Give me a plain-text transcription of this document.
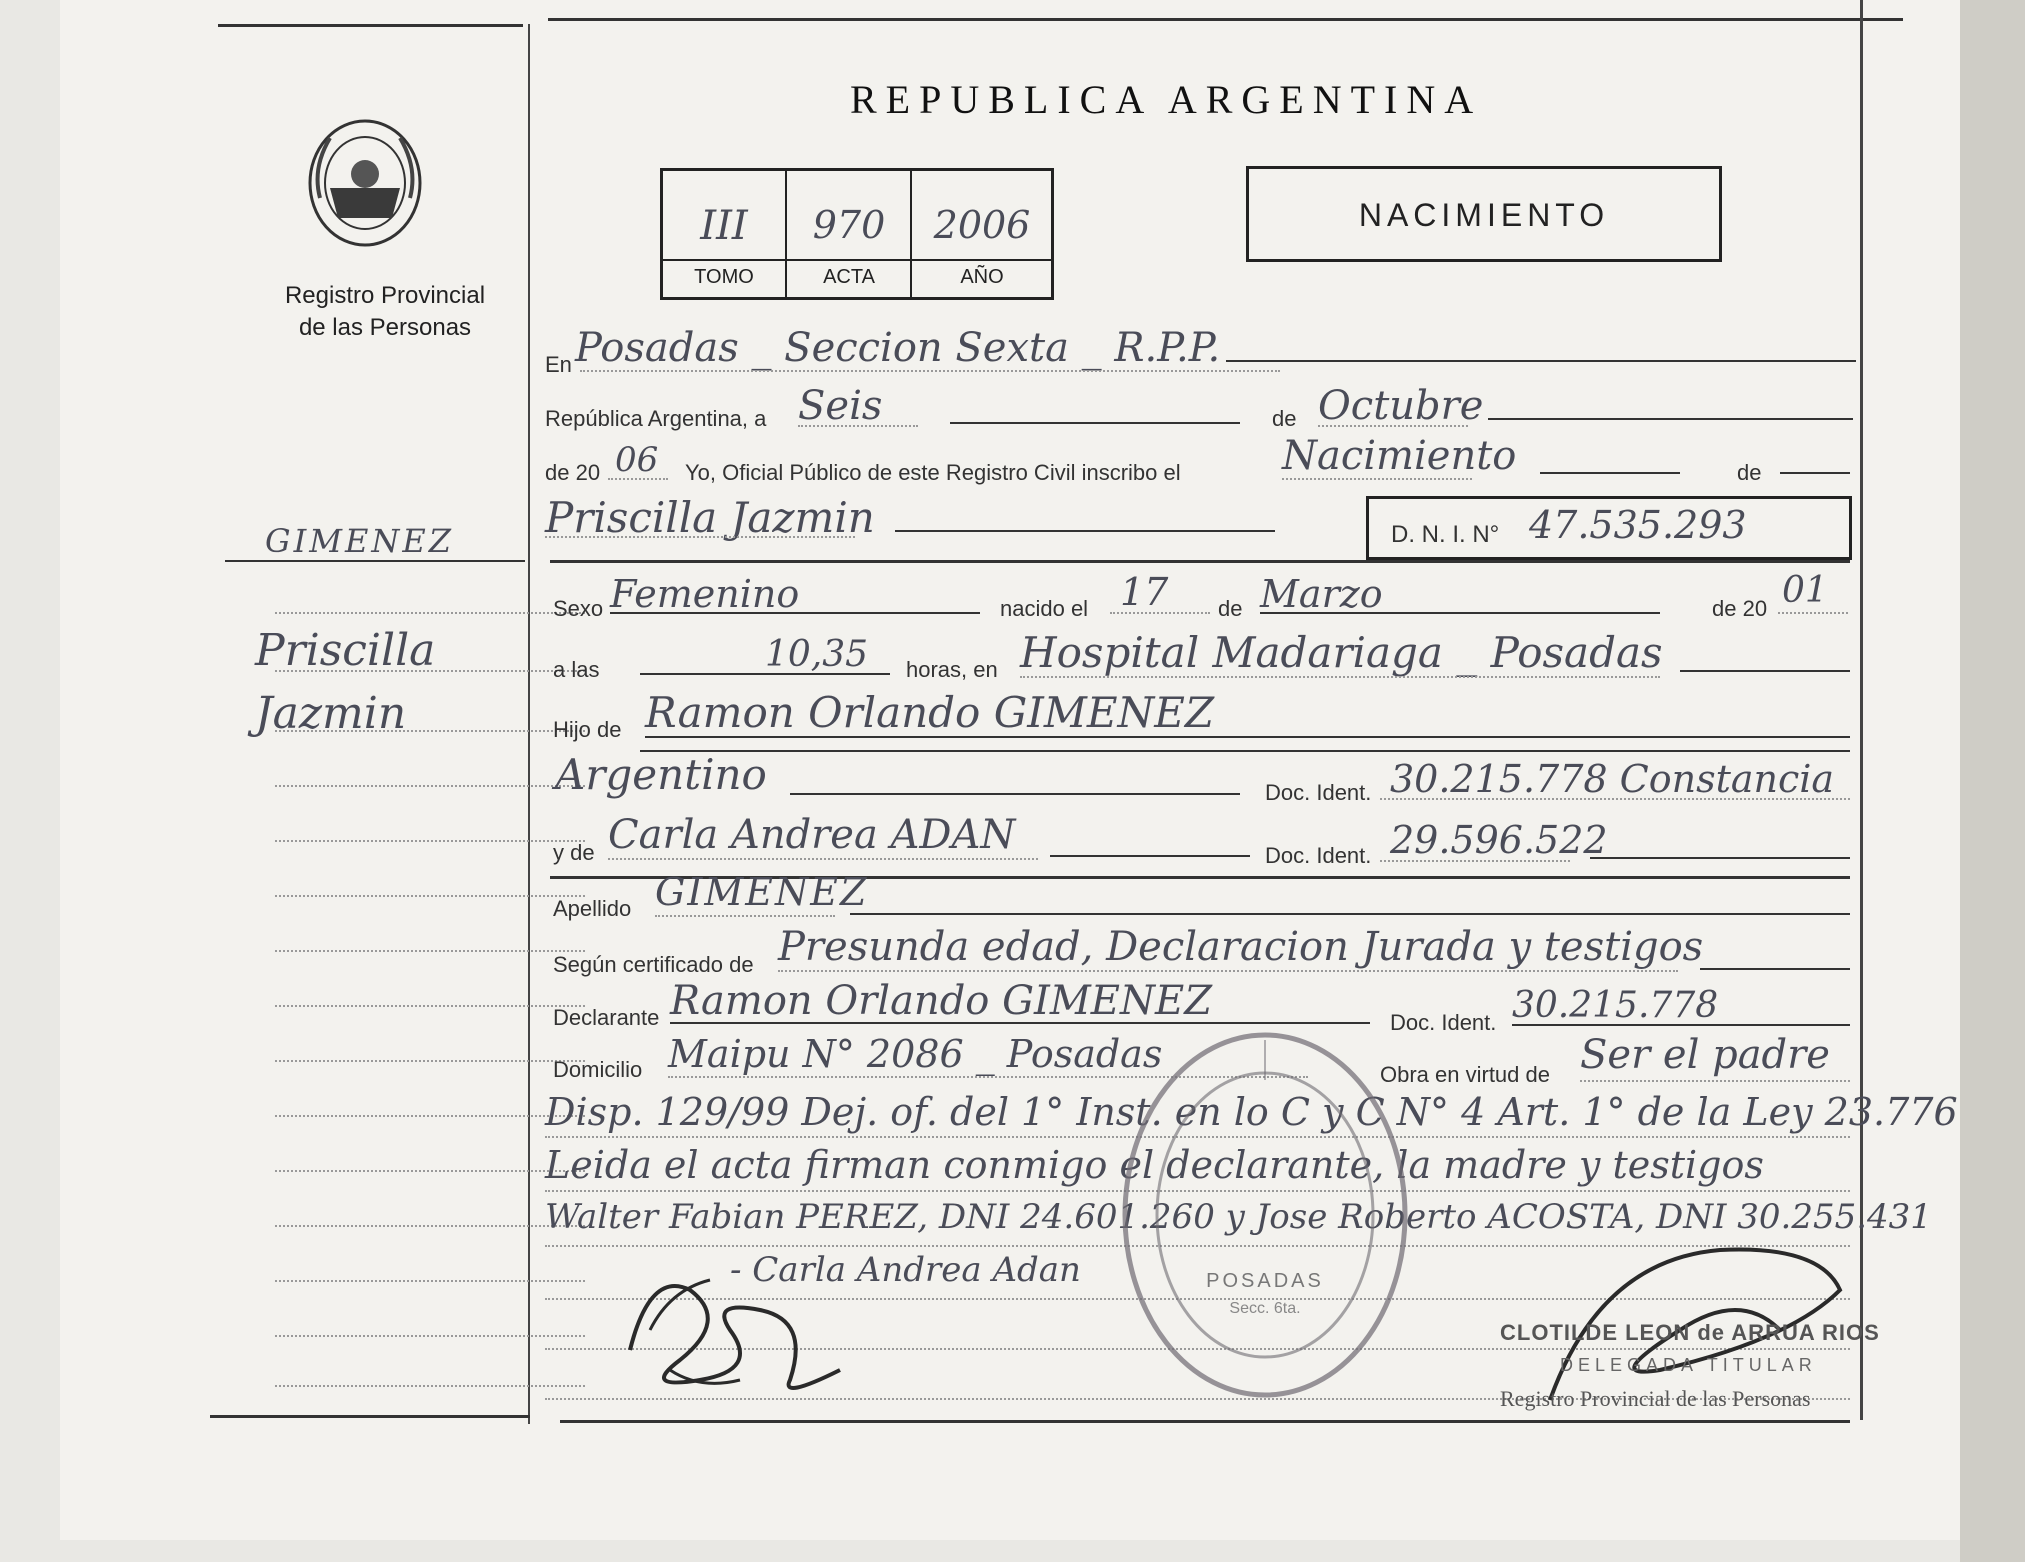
Registro Provincial
de las Personas
REPUBLICA ARGENTINA
III	970	2006
TOMO	ACTA	AÑO
NACIMIENTO
GIMENEZ
Priscilla
Jazmin
En Posadas _ Seccion Sexta _ R.P.P.
República Argentina, a Seis	de Octubre
de 20 06 Yo, Oficial Público de este Registro Civil inscribo el	Nacimiento	de
Priscilla Jazmin	D. N. I. N° 47.535.293
Sexo Femenino	nacido el 17 de Marzo	de 20 01
a las	10,35 horas, en Hospital Madariaga _ Posadas
Hijo de Ramon Orlando GIMENEZ
Argentino	Doc. Ident. 30.215.778 Constancia
y de Carla Andrea ADAN	Doc. Ident. 29.596.522
Apellido GIMENEZ
Según certificado de Presunda edad, Declaracion Jurada y testigos
Declarante Ramon Orlando GIMENEZ	Doc. Ident. 30.215.778
Domicilio Maipu N° 2086 _ Posadas	Obra en virtud de Ser el padre
Disp. 129/99 Dej. of. del 1° Inst. en lo C y C N° 4 Art. 1° de la Ley 23.776
Leida el acta firman conmigo el declarante, la madre y testigos
Walter Fabian PEREZ, DNI 24.601.260 y Jose Roberto ACOSTA, DNI 30.255.431
- Carla Andrea Adan	POSADAS
Secc. 6ta.
CLOTILDE LEON de ARRUA RIOS
DELEGADA TITULAR
Registro Provincial de las Personas
